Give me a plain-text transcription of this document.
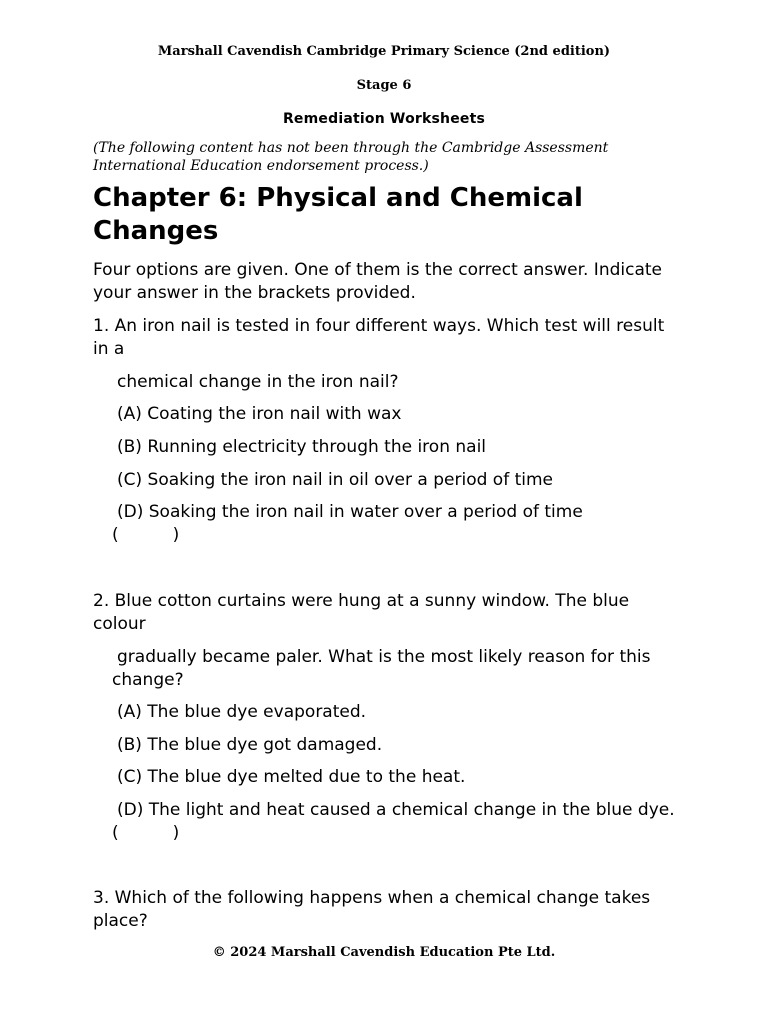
Marshall Cavendish Cambridge Primary Science (2nd edition)
Stage 6
Remediation Worksheets
(The following content has not been through the Cambridge Assessment International Education endorsement process.)
Chapter 6: Physical and Chemical Changes
Four options are given. One of them is the correct answer. Indicate your answer in the brackets provided.
1. An iron nail is tested in four different ways. Which test will result in a
chemical change in the iron nail?
(A) Coating the iron nail with wax
(B) Running electricity through the iron nail
(C) Soaking the iron nail in oil over a period of time
(D) Soaking the iron nail in water over a period of time
(          )
2. Blue cotton curtains were hung at a sunny window. The blue colour
gradually became paler. What is the most likely reason for this change?
(A) The blue dye evaporated.
(B) The blue dye got damaged.
(C) The blue dye melted due to the heat.
(D) The light and heat caused a chemical change in the blue dye. (          )
3. Which of the following happens when a chemical change takes place?
© 2024 Marshall Cavendish Education Pte Ltd.
